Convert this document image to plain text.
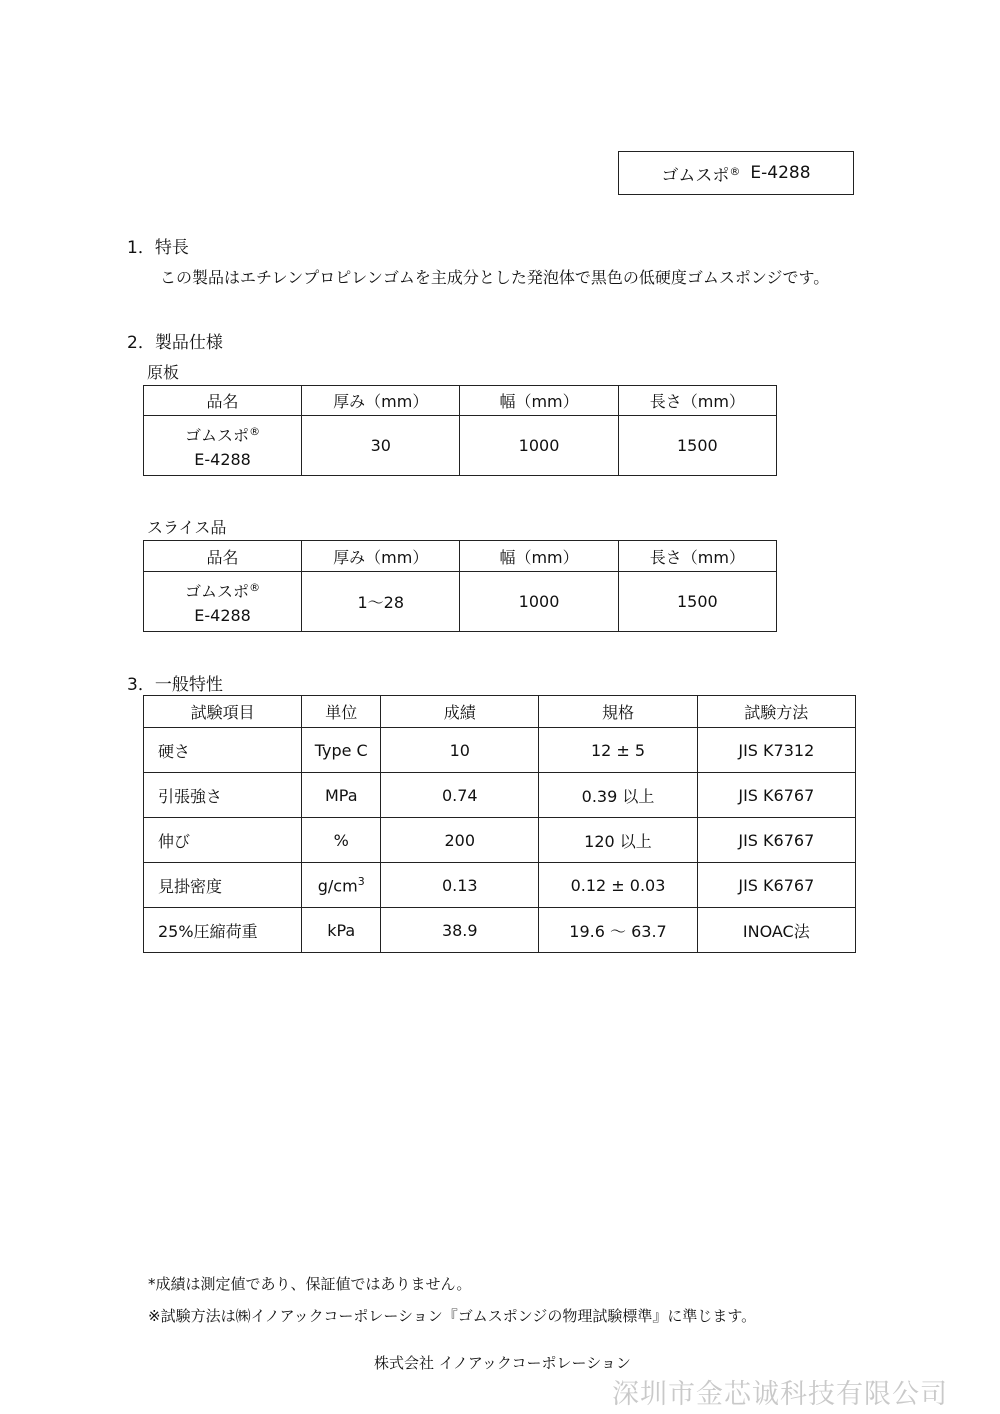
ゴムスポ® E-4288
1．特長
この製品はエチレンプロピレンゴムを主成分とした発泡体で黒色の低硬度ゴムスポンジです。
2．製品仕様
原板
品名	厚み（mm）	幅（mm）	長さ（mm）
ゴムスポ®
E-4288	30	1000	1500
スライス品
品名	厚み（mm）	幅（mm）	長さ（mm）
ゴムスポ®
E-4288	1～28	1000	1500
3．一般特性
試験項目	単位	成績	規格	試験方法
硬さ	Type C	10	12 ± 5	JIS K7312
引張強さ	MPa	0.74	0.39 以上	JIS K6767
伸び	%	200	120 以上	JIS K6767
見掛密度	$g/cm^3$	0.13	0.12 ± 0.03	JIS K6767
25%圧縮荷重	kPa	38.9	19.6 ～ 63.7	INOAC法
*成績は測定値であり、保証値ではありません。
※試験方法は㈱イノアックコーポレーション『ゴムスポンジの物理試験標準』に準じます。
株式会社 イノアックコーポレーション
深圳市金芯诚科技有限公司
